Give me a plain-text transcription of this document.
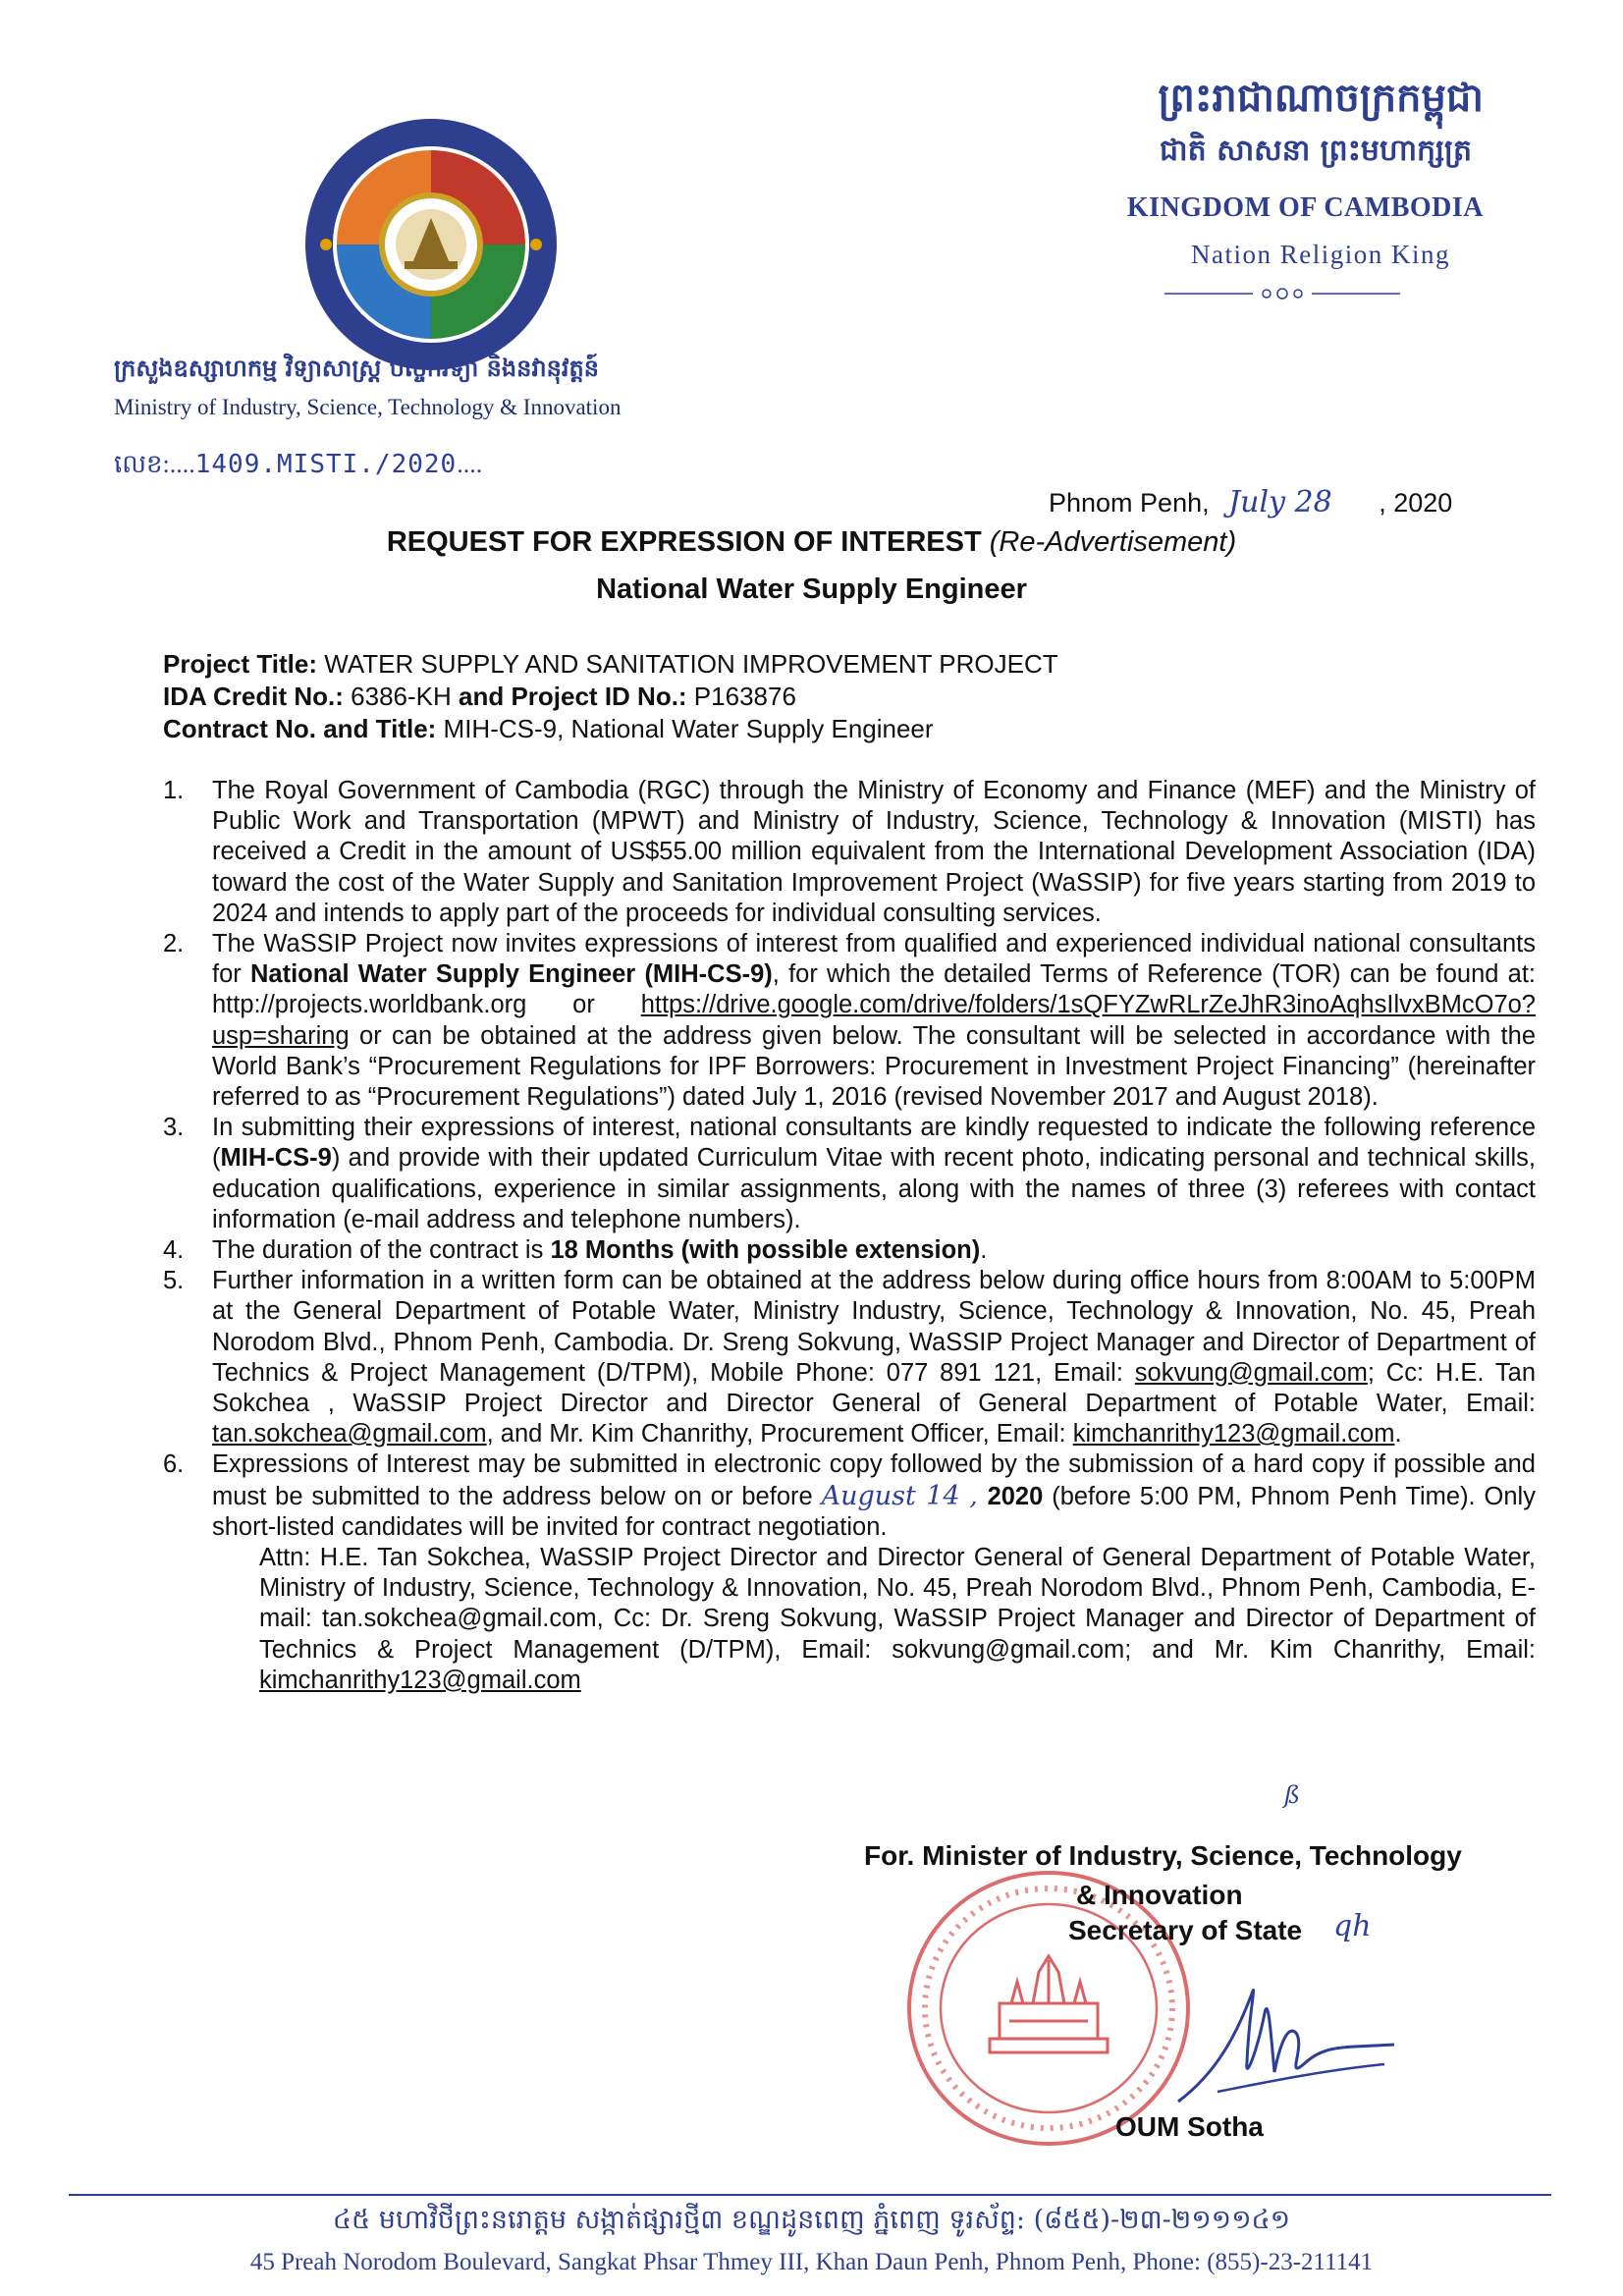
ព្រះរាជាណាចក្រកម្ពុជា
ជាតិ សាសនា ព្រះមហាក្សត្រ
KINGDOM OF CAMBODIA
Nation Religion King
ក្រសួងឧស្សាហកម្ម វិទ្យាសាស្ត្រ បច្ចេកវិទ្យា និងនវានុវត្តន៍
Ministry of Industry, Science, Technology & Innovation
លេខ:....1409.MISTI./2020....
Phnom Penh, July 28 , 2020
REQUEST FOR EXPRESSION OF INTEREST (Re-Advertisement)
National Water Supply Engineer
Project Title: WATER SUPPLY AND SANITATION IMPROVEMENT PROJECT
IDA Credit No.: 6386-KH and Project ID No.: P163876
Contract No. and Title: MIH-CS-9, National Water Supply Engineer
1. The Royal Government of Cambodia (RGC) through the Ministry of Economy and Finance (MEF) and the Ministry of Public Work and Transportation (MPWT) and Ministry of Industry, Science, Technology & Innovation (MISTI) has received a Credit in the amount of US$55.00 million equivalent from the International Development Association (IDA) toward the cost of the Water Supply and Sanitation Improvement Project (WaSSIP) for five years starting from 2019 to 2024 and intends to apply part of the proceeds for individual consulting services.
2. The WaSSIP Project now invites expressions of interest from qualified and experienced individual national consultants for National Water Supply Engineer (MIH-CS-9), for which the detailed Terms of Reference (TOR) can be found at: http://projects.worldbank.org or https://drive.google.com/drive/folders/1sQFYZwRLrZeJhR3inoAqhsIlvxBMcO7o?usp=sharing or can be obtained at the address given below. The consultant will be selected in accordance with the World Bank’s “Procurement Regulations for IPF Borrowers: Procurement in Investment Project Financing” (hereinafter referred to as “Procurement Regulations”) dated July 1, 2016 (revised November 2017 and August 2018).
3. In submitting their expressions of interest, national consultants are kindly requested to indicate the following reference (MIH-CS-9) and provide with their updated Curriculum Vitae with recent photo, indicating personal and technical skills, education qualifications, experience in similar assignments, along with the names of three (3) referees with contact information (e-mail address and telephone numbers).
4. The duration of the contract is 18 Months (with possible extension).
5. Further information in a written form can be obtained at the address below during office hours from 8:00AM to 5:00PM at the General Department of Potable Water, Ministry Industry, Science, Technology & Innovation, No. 45, Preah Norodom Blvd., Phnom Penh, Cambodia. Dr. Sreng Sokvung, WaSSIP Project Manager and Director of Department of Technics & Project Management (D/TPM), Mobile Phone: 077 891 121, Email: sokvung@gmail.com; Cc: H.E. Tan Sokchea , WaSSIP Project Director and Director General of General Department of Potable Water, Email: tan.sokchea@gmail.com, and Mr. Kim Chanrithy, Procurement Officer, Email: kimchanrithy123@gmail.com.
6. Expressions of Interest may be submitted in electronic copy followed by the submission of a hard copy if possible and must be submitted to the address below on or before August 14 , 2020 (before 5:00 PM, Phnom Penh Time). Only short-listed candidates will be invited for contract negotiation.
Attn: H.E. Tan Sokchea, WaSSIP Project Director and Director General of General Department of Potable Water, Ministry of Industry, Science, Technology & Innovation, No. 45, Preah Norodom Blvd., Phnom Penh, Cambodia, E-mail: tan.sokchea@gmail.com, Cc: Dr. Sreng Sokvung, WaSSIP Project Manager and Director of Department of Technics & Project Management (D/TPM), Email: sokvung@gmail.com; and Mr. Kim Chanrithy, Email: kimchanrithy123@gmail.com
For. Minister of Industry, Science, Technology
& Innovation
Secretary of State qh
ß
OUM Sotha
៤៥ មហាវិថីព្រះនរោត្តម សង្កាត់ផ្សារថ្មី៣ ខណ្ឌដូនពេញ ភ្នំពេញ ទូរស័ព្ទ: (៨៥៥)-២៣-២១១១៤១
45 Preah Norodom Boulevard, Sangkat Phsar Thmey III, Khan Daun Penh, Phnom Penh, Phone: (855)-23-211141
